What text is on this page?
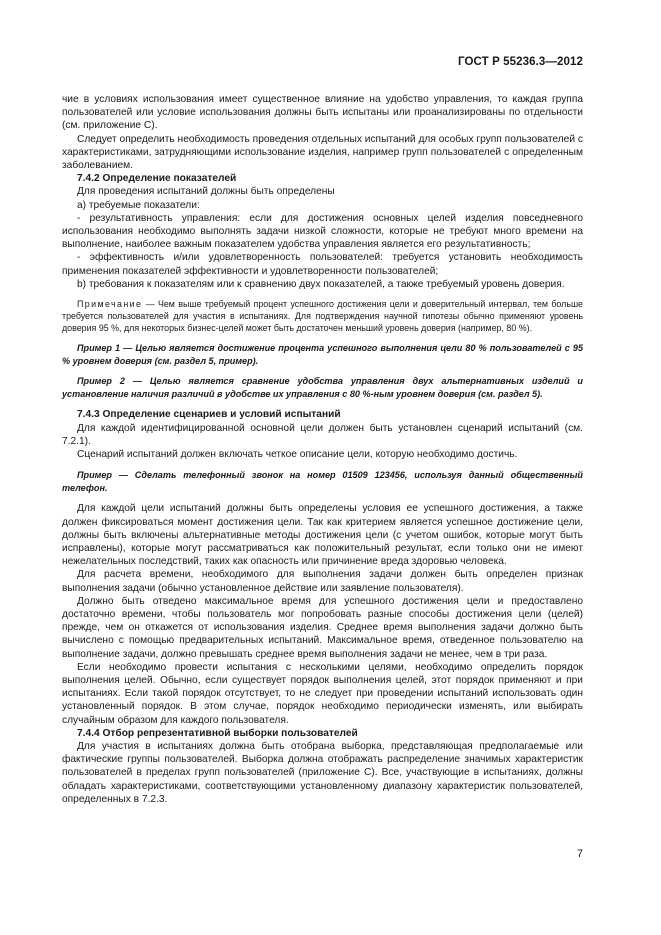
ГОСТ Р 55236.3—2012

чие в условиях использования имеет существенное влияние на удобство управления, то каждая группа пользователей или условие использования должны быть испытаны или проанализированы по отдельности (см. приложение С).

Следует определить необходимость проведения отдельных испытаний для особых групп пользователей с характеристиками, затрудняющими использование изделия, например групп пользователей с определенным заболеванием.

7.4.2 Определение показателей

Для проведения испытаний должны быть определены

а) требуемые показатели:

- результативность управления: если для достижения основных целей изделия повседневного использования необходимо выполнять задачи низкой сложности, которые не требуют много времени на выполнение, наиболее важным показателем удобства управления является его результативность;

- эффективность и/или удовлетворенность пользователей: требуется установить необходимость применения показателей эффективности и удовлетворенности пользователей;

b) требования к показателям или к сравнению двух показателей, а также требуемый уровень доверия.

Примечание — Чем выше требуемый процент успешного достижения цели и доверительный интервал, тем больше требуется пользователей для участия в испытаниях. Для подтверждения научной гипотезы обычно применяют уровень доверия 95 %, для некоторых бизнес-целей может быть достаточен меньший уровень доверия (например, 80 %).

Пример 1 — Целью является достижение процента успешного выполнения цели 80 % пользователей с 95 % уровнем доверия (см. раздел 5, пример).

Пример 2 — Целью является сравнение удобства управления двух альтернативных изделий и установление наличия различий в удобстве их управления с 80 %-ным уровнем доверия (см. раздел 5).

7.4.3 Определение сценариев и условий испытаний

Для каждой идентифицированной основной цели должен быть установлен сценарий испытаний (см. 7.2.1).

Сценарий испытаний должен включать четкое описание цели, которую необходимо достичь.

Пример — Сделать телефонный звонок на номер 01509 123456, используя данный общественный телефон.

Для каждой цели испытаний должны быть определены условия ее успешного достижения, а также должен фиксироваться момент достижения цели. Так как критерием является успешное достижение цели, должны быть включены альтернативные методы достижения цели (с учетом ошибок, которые могут быть исправлены), которые могут рассматриваться как положительный результат, если только они не имеют нежелательных последствий, таких как опасность или причинение вреда здоровью человека.

Для расчета времени, необходимого для выполнения задачи должен быть определен признак выполнения задачи (обычно установленное действие или заявление пользователя).

Должно быть отведено максимальное время для успешного достижения цели и предоставлено достаточно времени, чтобы пользователь мог попробовать разные способы достижения цели (целей) прежде, чем он откажется от использования изделия. Среднее время выполнения задачи должно быть вычислено с помощью предварительных испытаний. Максимальное время, отведенное пользователю на выполнение задачи, должно превышать среднее время выполнения задачи не менее, чем в три раза.

Если необходимо провести испытания с несколькими целями, необходимо определить порядок выполнения целей. Обычно, если существует порядок выполнения целей, этот порядок применяют и при испытаниях. Если такой порядок отсутствует, то не следует при проведении испытаний использовать один установленный порядок. В этом случае, порядок необходимо периодически изменять, или выбирать случайным образом для каждого пользователя.

7.4.4 Отбор репрезентативной выборки пользователей

Для участия в испытаниях должна быть отобрана выборка, представляющая предполагаемые или фактические группы пользователей. Выборка должна отображать распределение значимых характеристик пользователей в пределах групп пользователей (приложение С). Все, участвующие в испытаниях, должны обладать характеристиками, соответствующими установленному диапазону характеристик пользователей, определенных в 7.2.3.

7
